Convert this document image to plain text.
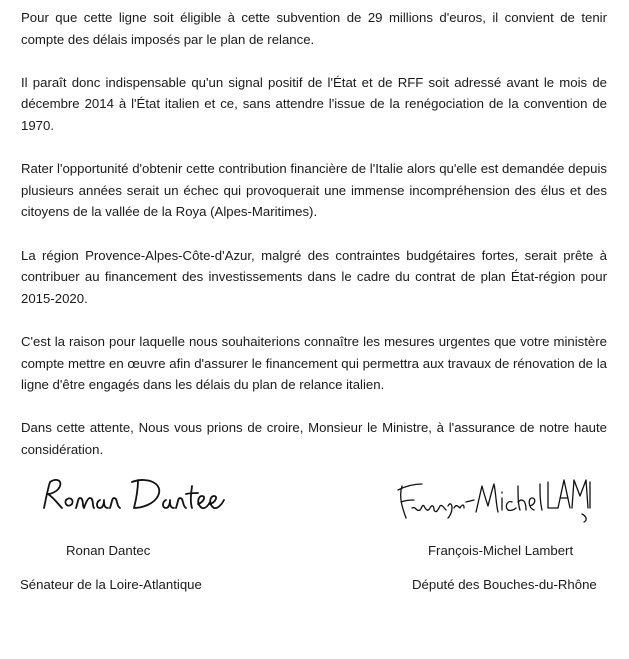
Pour que cette ligne soit éligible à cette subvention de 29 millions d'euros, il convient de tenir compte des délais imposés par le plan de relance.

Il paraît donc indispensable qu'un signal positif de l'État et de RFF soit adressé avant le mois de décembre 2014 à l'État italien et ce, sans attendre l'issue de la renégociation de la convention de 1970.

Rater l'opportunité d'obtenir cette contribution financière de l'Italie alors qu'elle est demandée depuis plusieurs années serait un échec qui provoquerait une immense incompréhension des élus et des citoyens de la vallée de la Roya (Alpes-Maritimes).

La région Provence-Alpes-Côte-d'Azur, malgré des contraintes budgétaires fortes, serait prête à contribuer au financement des investissements dans le cadre du contrat de plan État-région pour 2015-2020.

C'est la raison pour laquelle nous souhaiterions connaître les mesures urgentes que votre ministère compte mettre en œuvre afin d'assurer le financement qui permettra aux travaux de rénovation de la ligne d'être engagés dans les délais du plan de relance italien.

Dans cette attente, Nous vous prions de croire, Monsieur le Ministre, à l'assurance de notre haute considération.

Ronan Dantec

Sénateur de la Loire-Atlantique

François-Michel Lambert

Député des Bouches-du-Rhône
